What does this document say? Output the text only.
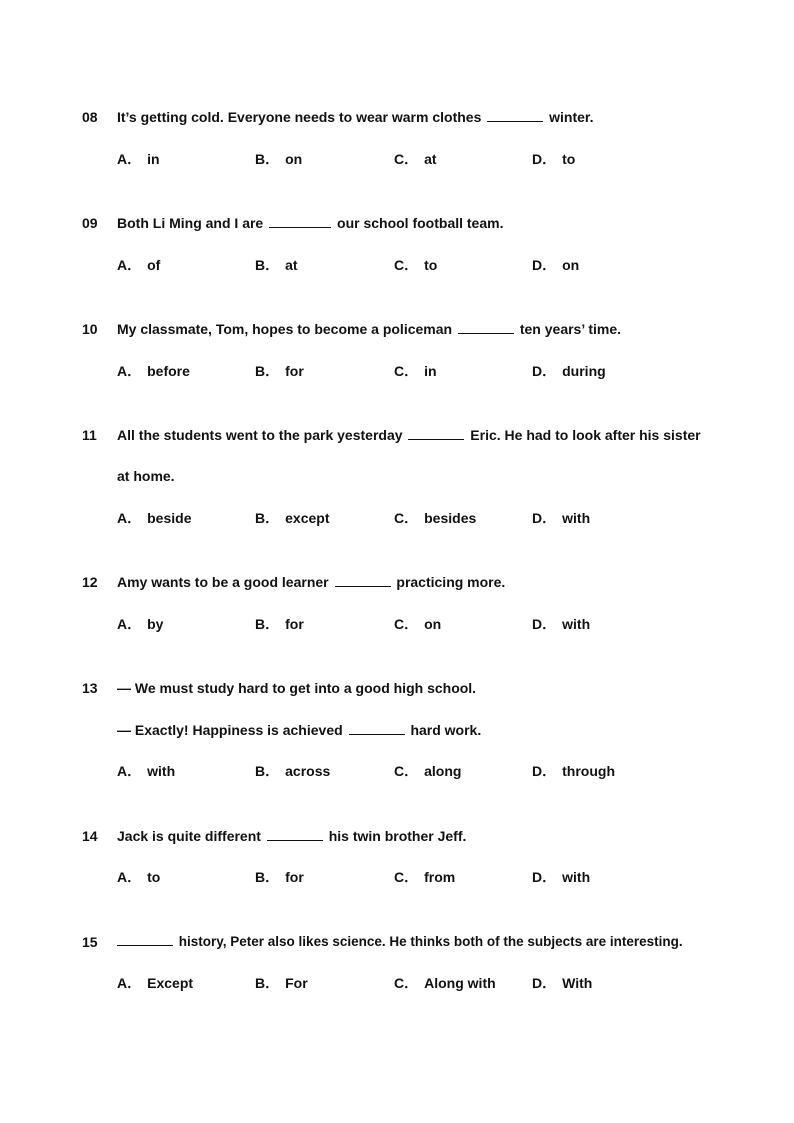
08 It’s getting cold. Everyone needs to wear warm clothes	winter.
A． in	B． on	C． at	D． to
09 Both Li Ming and I are	our school football team.
A． of	B． at	C． to	D． on
10 My classmate, Tom, hopes to become a policeman	ten years’ time.
A． before	B． for	C． in	D． during
11 All the students went to the park yesterday	Eric. He had to look after his sister
at home.
A． beside	B． except	C． besides	D． with
12 Amy wants to be a good learner	practicing more.
A． by	B． for	C． on	D． with
13 — We must study hard to get into a good high school.
— Exactly! Happiness is achieved	hard work.
A． with	B． across	C． along	D． through
14 Jack is quite different	his twin brother Jeff.
A． to	B． for	C． from	D． with
15	history, Peter also likes science. He thinks both of the subjects are interesting.
A． Except	B． For	C． Along with	D． With
